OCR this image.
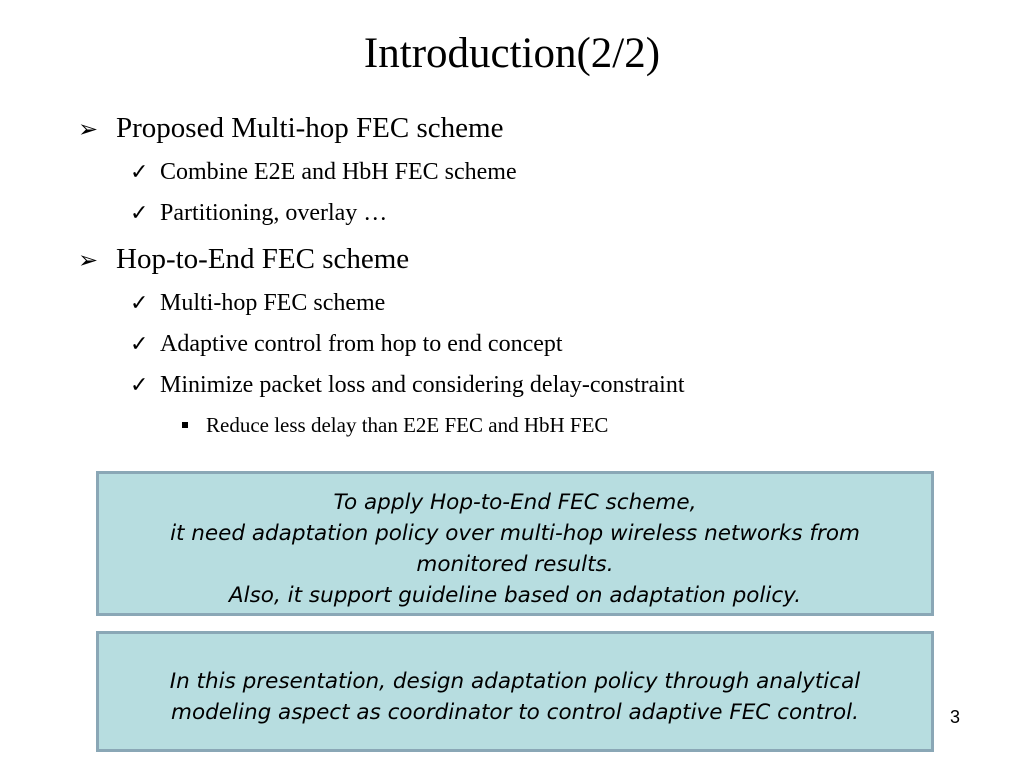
Introduction(2/2)
➢ Proposed Multi-hop FEC scheme
✓ Combine E2E and HbH FEC scheme
✓ Partitioning, overlay …
➢ Hop-to-End FEC scheme
✓ Multi-hop FEC scheme
✓ Adaptive control from hop to end concept
✓ Minimize packet loss and considering delay-constraint
Reduce less delay than E2E FEC and HbH FEC
To apply Hop-to-End FEC scheme,
it need adaptation policy over multi-hop wireless networks from
monitored results.
Also, it support guideline based on adaptation policy.
In this presentation, design adaptation policy through analytical
modeling aspect as coordinator to control adaptive FEC control.	3
